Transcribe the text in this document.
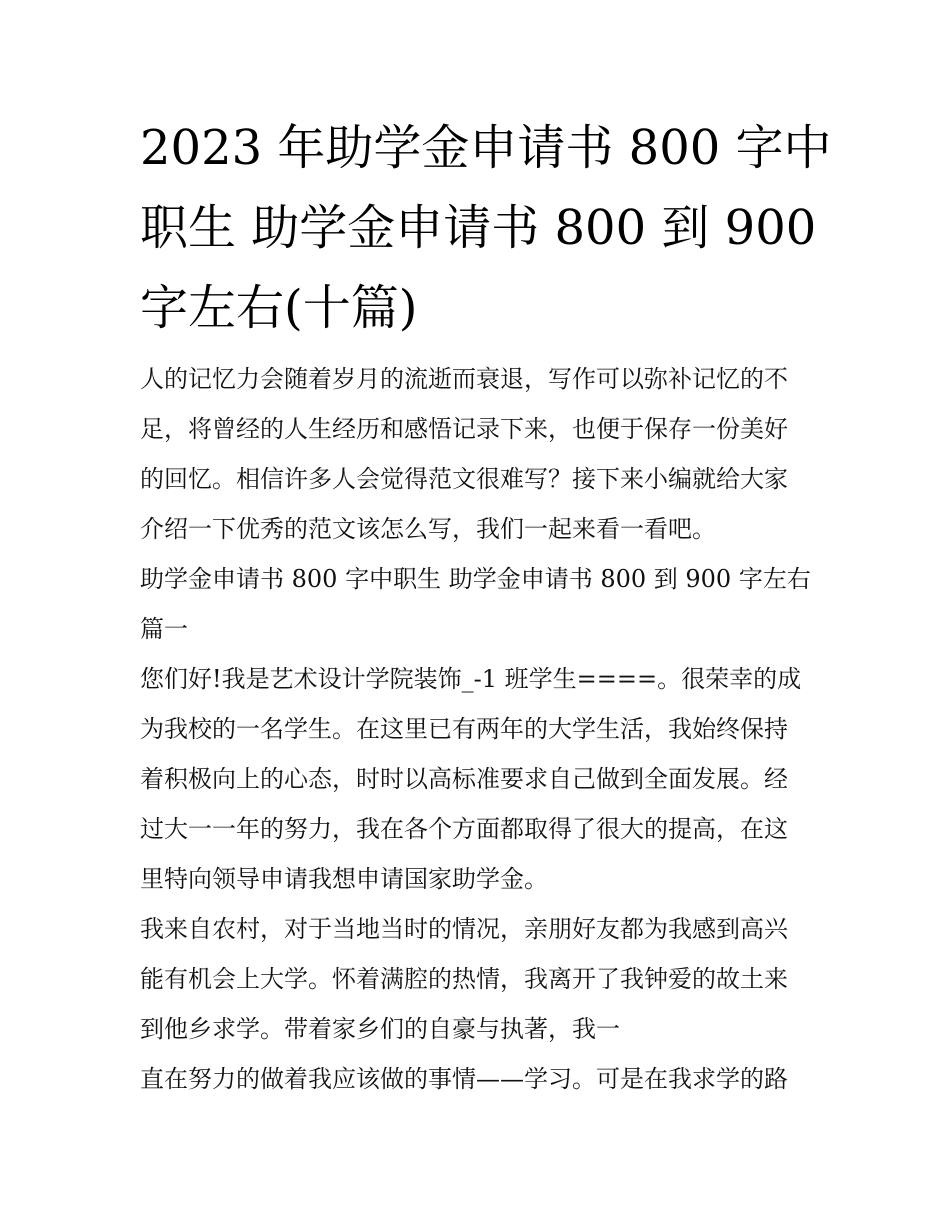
2023 年助学金申请书 800 字中
职生 助学金申请书 800 到 900
字左右(十篇)
人的记忆力会随着岁月的流逝而衰退，写作可以弥补记忆的不
足，将曾经的人生经历和感悟记录下来，也便于保存一份美好
的回忆。相信许多人会觉得范文很难写？接下来小编就给大家
介绍一下优秀的范文该怎么写，我们一起来看一看吧。
助学金申请书 800 字中职生 助学金申请书 800 到 900 字左右
篇一
您们好!我是艺术设计学院装饰_-1 班学生====。很荣幸的成
为我校的一名学生。在这里已有两年的大学生活，我始终保持
着积极向上的心态，时时以高标准要求自己做到全面发展。经
过大一一年的努力，我在各个方面都取得了很大的提高，在这
里特向领导申请我想申请国家助学金。
我来自农村，对于当地当时的情况，亲朋好友都为我感到高兴
能有机会上大学。怀着满腔的热情，我离开了我钟爱的故土来
到他乡求学。带着家乡们的自豪与执著，我一
直在努力的做着我应该做的事情——学习。可是在我求学的路
